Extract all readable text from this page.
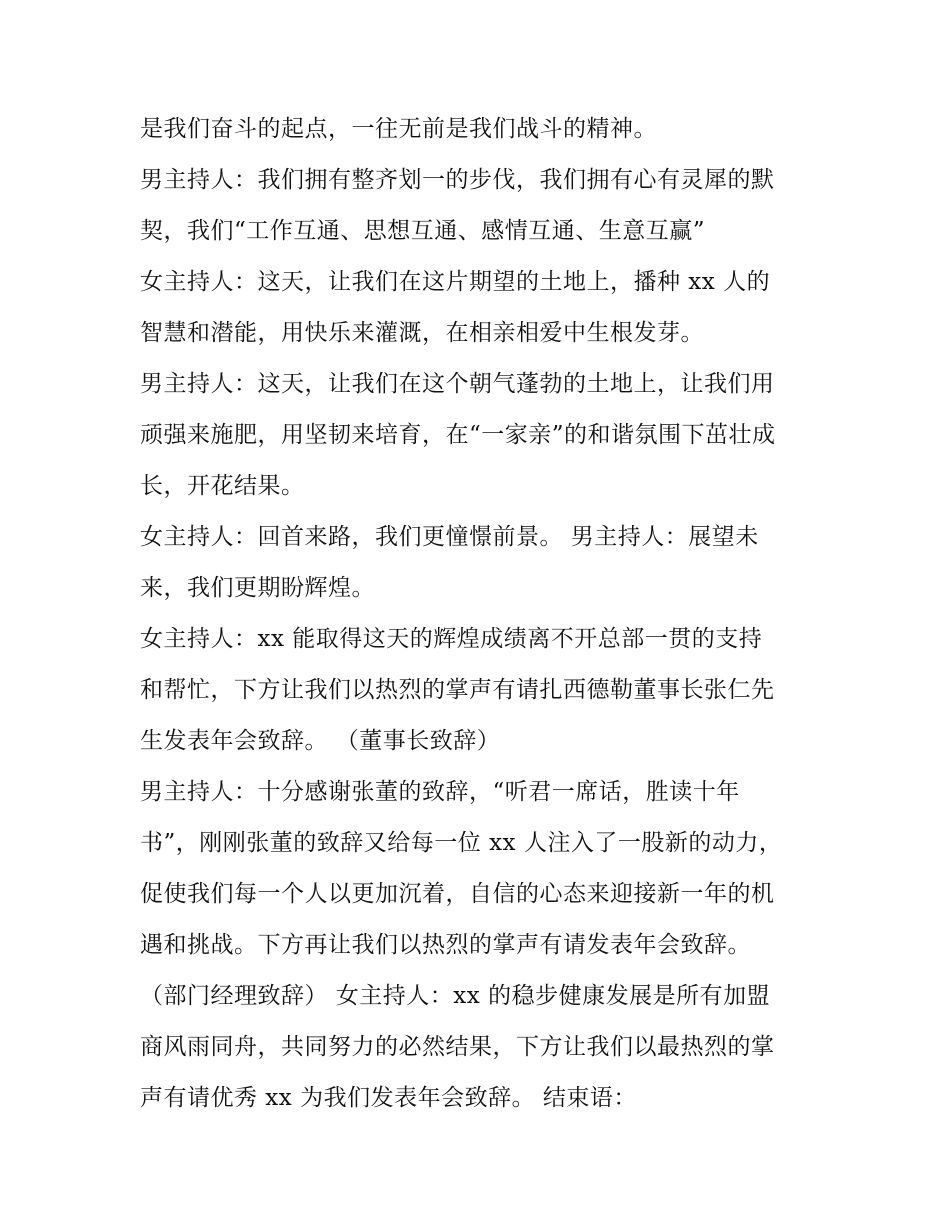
是我们奋斗的起点，一往无前是我们战斗的精神。
男主持人：我们拥有整齐划一的步伐，我们拥有心有灵犀的默
契，我们“工作互通、思想互通、感情互通、生意互赢”
女主持人：这天，让我们在这片期望的土地上，播种 xx 人的
智慧和潜能，用快乐来灌溉，在相亲相爱中生根发芽。
男主持人：这天，让我们在这个朝气蓬勃的土地上，让我们用
顽强来施肥，用坚韧来培育，在“一家亲”的和谐氛围下茁壮成
长，开花结果。
女主持人：回首来路，我们更憧憬前景。 男主持人：展望未
来，我们更期盼辉煌。
女主持人：xx 能取得这天的辉煌成绩离不开总部一贯的支持
和帮忙，下方让我们以热烈的掌声有请扎西德勒董事长张仁先
生发表年会致辞。 （董事长致辞）
男主持人：十分感谢张董的致辞，“听君一席话，胜读十年
书”，刚刚张董的致辞又给每一位 xx 人注入了一股新的动力，
促使我们每一个人以更加沉着，自信的心态来迎接新一年的机
遇和挑战。下方再让我们以热烈的掌声有请发表年会致辞。
（部门经理致辞） 女主持人：xx 的稳步健康发展是所有加盟
商风雨同舟，共同努力的必然结果，下方让我们以最热烈的掌
声有请优秀 xx 为我们发表年会致辞。 结束语：
